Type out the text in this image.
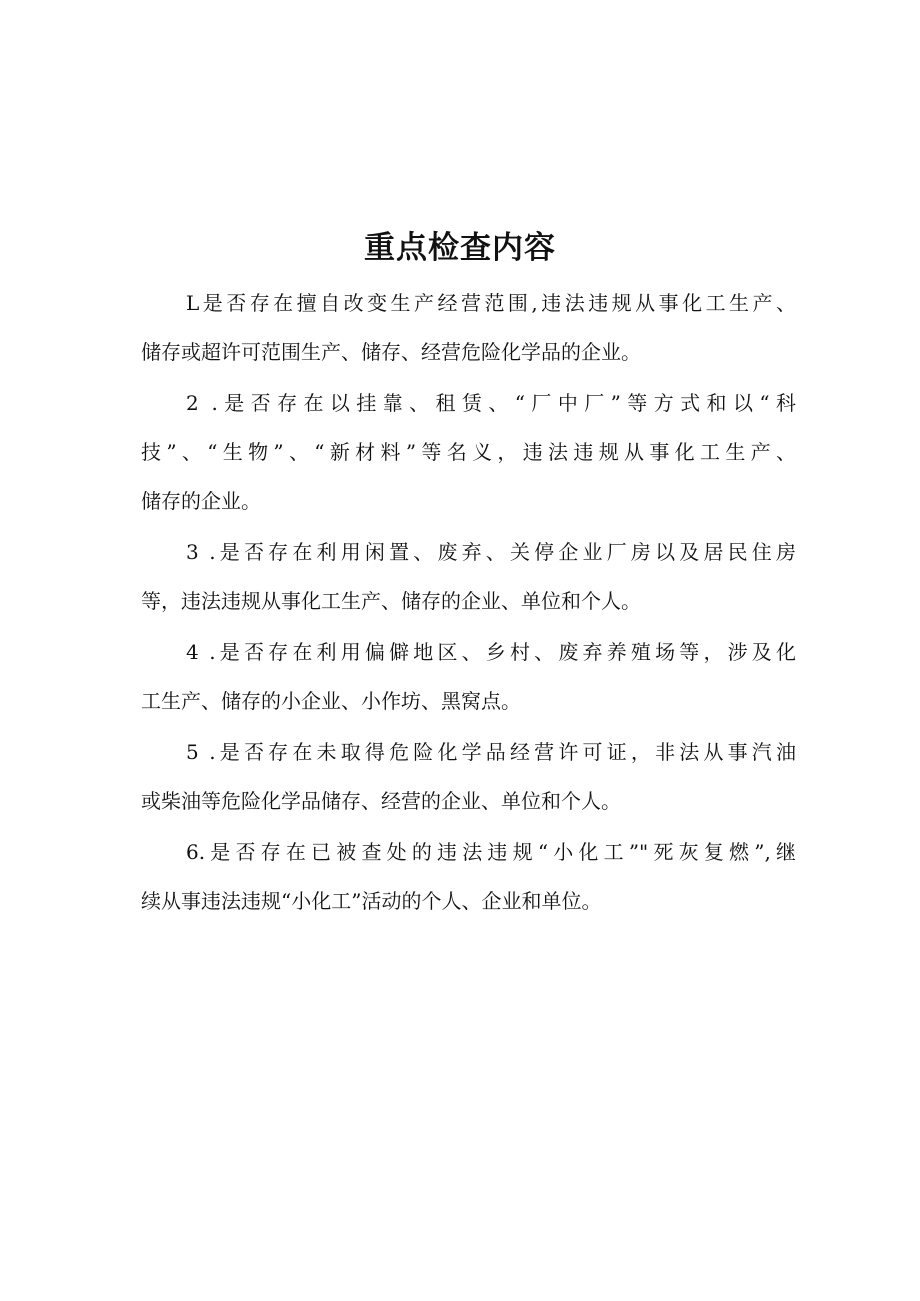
重点检查内容
L是否存在擅自改变生产经营范围,违法违规从事化工生产、
储存或超许可范围生产、储存、经营危险化学品的企业。
2 .是否存在以挂靠、租赁、“厂中厂”等方式和以“科
技”、“生物”、“新材料”等名义，违法违规从事化工生产、
储存的企业。
3 .是否存在利用闲置、废弃、关停企业厂房以及居民住房
等，违法违规从事化工生产、储存的企业、单位和个人。
4 .是否存在利用偏僻地区、乡村、废弃养殖场等，涉及化
工生产、储存的小企业、小作坊、黑窝点。
5 .是否存在未取得危险化学品经营许可证，非法从事汽油
或柴油等危险化学品储存、经营的企业、单位和个人。
6.是否存在已被查处的违法违规“小化工”"死灰复燃”,继
续从事违法违规“小化工”活动的个人、企业和单位。
